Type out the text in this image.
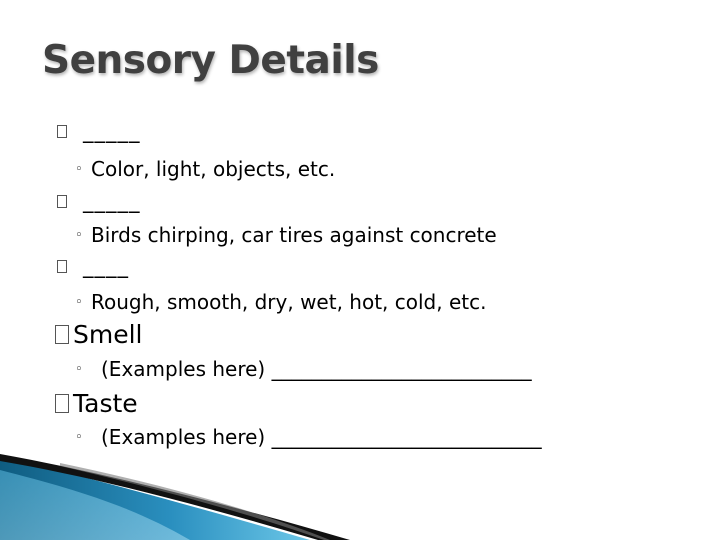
Sensory Details
_____
◦ Color, light, objects, etc.
_____
◦ Birds chirping, car tires against concrete
____
◦ Rough, smooth, dry, wet, hot, cold, etc.
Smell
◦ (Examples here) __________________________
Taste
◦ (Examples here) ___________________________
